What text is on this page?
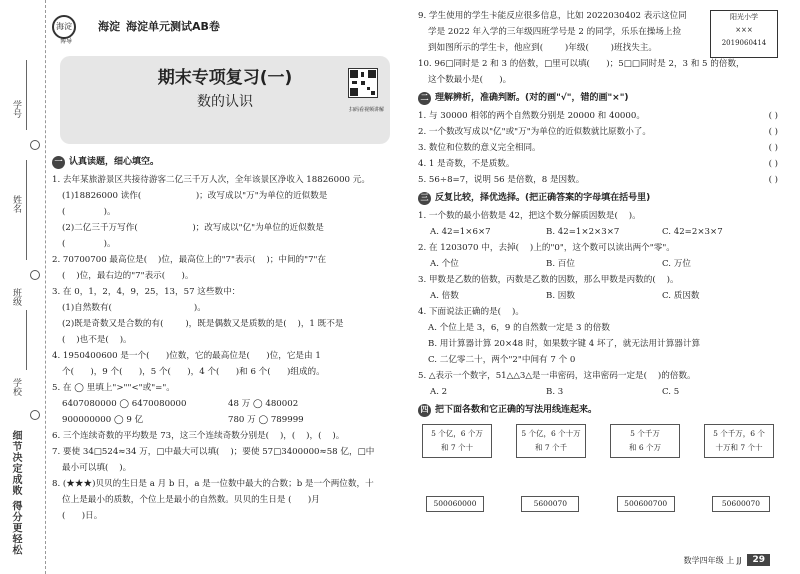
学号
姓名
班级
学校
细节决定成败 得分更轻松
海淀
博导
海淀 海淀单元测试AB卷
期末专项复习(一)
数的认识	扫码看视频讲解
一 认真读题，细心填空。
1. 去年某旅游景区共接待游客二亿三千万人次，全年该景区净收入 18826000 元。
(1)18826000 读作(                    )；改写成以"万"为单位的近似数是
(              )。
(2)二亿三千万写作(                    )；改写成以"亿"为单位的近似数是
(              )。
2. 70700700 最高位是(    )位，最高位上的"7"表示(    )；中间的"7"在
(    )位，最右边的"7"表示(      )。
3. 在 0，1，2，4，9，25，13，57 这些数中：
(1)自然数有(                              )。
(2)既是奇数又是合数的有(        )，既是偶数又是质数的是(    )，1 既不是
(    )也不是(    )。
4. 1950400600 是一个(      )位数，它的最高位是(      )位，它是由 1
个(      )，9 个(      )，5 个(      )，4 个(      )和 6 个(      )组成的。
5. 在 ◯ 里填上">""<"或"="。
6407080000 ◯ 6470080000	48 万 ◯ 480002
900000000 ◯ 9 亿	780 万 ◯ 789999
6. 三个连续奇数的平均数是 73，这三个连续奇数分别是(    )，(    )，(    )。
7. 要使 34□524≈34 万，□中最大可以填(    )；要使 57□3400000≈58 亿，□中
最小可以填(    )。
8. (★★★)贝贝的生日是 a 月 b 日，a 是一位数中最大的合数；b 是一个两位数，十
位上是最小的质数，个位上是最小的自然数。贝贝的生日是 (      )月
(      )日。
9. 学生使用的学生卡能反应很多信息，比如 2022030402 表示这位同
学是 2022 年入学的三年级四班学号是 2 的同学，乐乐在操场上捡
到如图所示的学生卡，他应到(        )年级(        )班找失主。
阳光小学
×××
2019060414
10. 96□同时是 2 和 3 的倍数，□里可以填(      )；5□□同时是 2，3 和 5 的倍数，
这个数最小是(      )。
二 理解辨析，准确判断。(对的画"√"，错的画"×")
1. 与 30000 相邻的两个自然数分别是 20000 和 40000。	( )
2. 一个数改写成以"亿"或"万"为单位的近似数就比原数小了。	( )
3. 数位和位数的意义完全相同。	( )
4. 1 是奇数，不是质数。	( )
5. 56÷8=7，说明 56 是倍数，8 是因数。	( )
三 反复比较，择优选择。(把正确答案的字母填在括号里)
1. 一个数的最小倍数是 42，把这个数分解质因数是(    )。
A. 42=1×6×7	B. 42=1×2×3×7	C. 42=2×3×7
2. 在 1203070 中，去掉(    )上的"0"，这个数可以读出两个"零"。
A. 个位	B. 百位	C. 万位
3. 甲数是乙数的倍数，丙数是乙数的因数，那么甲数是丙数的(    )。
A. 倍数	B. 因数	C. 质因数
4. 下面说法正确的是(    )。
A. 个位上是 3，6，9 的自然数一定是 3 的倍数
B. 用计算器计算 20×48 时，如果数字键 4 坏了，就无法用计算器计算
C. 二亿零二十，两个"2"中间有 7 个 0
5. △表示一个数字，51△△3△是一串密码，这串密码一定是(    )的倍数。
A. 2	B. 3	C. 5
四 把下面各数和它正确的写法用线连起来。
5 个亿，6 个万
和 7 个十
5 个亿，6 个十万
和 7 个千
5 个千万
和 6 个万
5 个千万，6 个
十万和 7 个十
500060000	5600070	500600700	50600070
数学四年级 上 JJ	29
